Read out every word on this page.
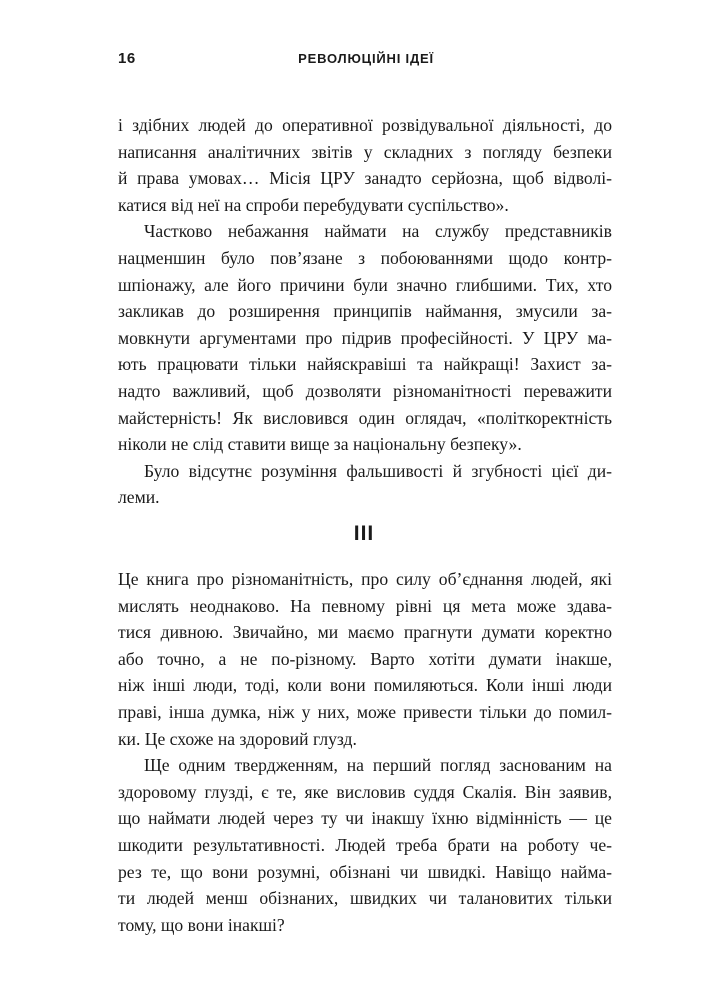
16	РЕВОЛЮЦІЙНІ ІДЕЇ

і здібних людей до оперативної розвідувальної діяльності, до
написання аналітичних звітів у складних з погляду безпеки
й права умовах… Місія ЦРУ занадто серйозна, щоб відволі-
катися від неї на спроби перебудувати суспільство».

Частково небажання наймати на службу представників
нацменшин було пов’язане з побоюваннями щодо контр-
шпіонажу, але його причини були значно глибшими. Тих, хто
закликав до розширення принципів наймання, змусили за-
мовкнути аргументами про підрив професійності. У ЦРУ ма-
ють працювати тільки найяскравіші та найкращі! Захист за-
надто важливий, щоб дозволяти різноманітності переважити
майстерність! Як висловився один оглядач, «політкоректність
ніколи не слід ставити вище за національну безпеку».

Було відсутнє розуміння фальшивості й згубності цієї ди-
леми.

III

Це книга про різноманітність, про силу об’єднання людей, які
мислять неоднаково. На певному рівні ця мета може здава-
тися дивною. Звичайно, ми маємо прагнути думати коректно
або точно, а не по-різному. Варто хотіти думати інакше,
ніж інші люди, тоді, коли вони помиляються. Коли інші люди
праві, інша думка, ніж у них, може привести тільки до помил-
ки. Це схоже на здоровий глузд.

Ще одним твердженням, на перший погляд заснованим на
здоровому глузді, є те, яке висловив суддя Скалія. Він заявив,
що наймати людей через ту чи інакшу їхню відмінність — це
шкодити результативності. Людей треба брати на роботу че-
рез те, що вони розумні, обізнані чи швидкі. Навіщо найма-
ти людей менш обізнаних, швидких чи талановитих тільки
тому, що вони інакші?
